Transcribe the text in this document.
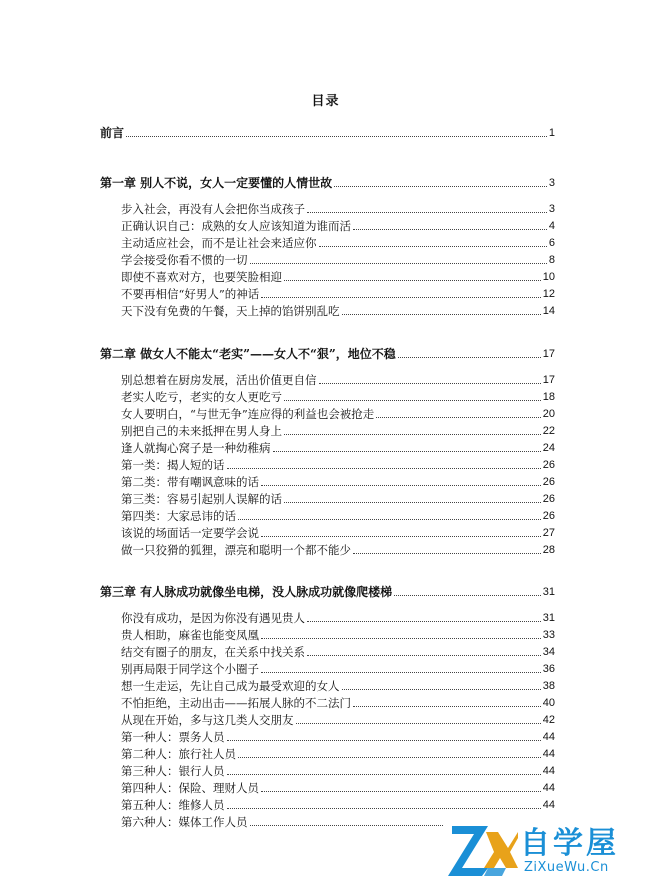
目录
前言	1
第一章 别人不说，女人一定要懂的人情世故	3
步入社会，再没有人会把你当成孩子	3
正确认识自己：成熟的女人应该知道为谁而活	4
主动适应社会，而不是让社会来适应你	6
学会接受你看不惯的一切	8
即使不喜欢对方，也要笑脸相迎	10
不要再相信“好男人”的神话	12
天下没有免费的午餐，天上掉的馅饼别乱吃	14
第二章 做女人不能太“老实”——女人不“狠”，地位不稳	17
别总想着在厨房发展，活出价值更自信	17
老实人吃亏，老实的女人更吃亏	18
女人要明白，“与世无争”连应得的利益也会被抢走	20
别把自己的未来抵押在男人身上	22
逢人就掏心窝子是一种幼稚病	24
第一类：揭人短的话	26
第二类：带有嘲讽意味的话	26
第三类：容易引起别人误解的话	26
第四类：大家忌讳的话	26
该说的场面话一定要学会说	27
做一只狡猾的狐狸，漂亮和聪明一个都不能少	28
第三章 有人脉成功就像坐电梯，没人脉成功就像爬楼梯	31
你没有成功，是因为你没有遇见贵人	31
贵人相助，麻雀也能变凤凰	33
结交有圈子的朋友，在关系中找关系	34
别再局限于同学这个小圈子	36
想一生走运，先让自己成为最受欢迎的女人	38
不怕拒绝，主动出击——拓展人脉的不二法门	40
从现在开始，多与这几类人交朋友	42
第一种人：票务人员	44
第二种人：旅行社人员	44
第三种人：银行人员	44
第四种人：保险、理财人员	44
第五种人：维修人员	44
第六种人：媒体工作人员
自学屋
ZiXueWu.Cn
